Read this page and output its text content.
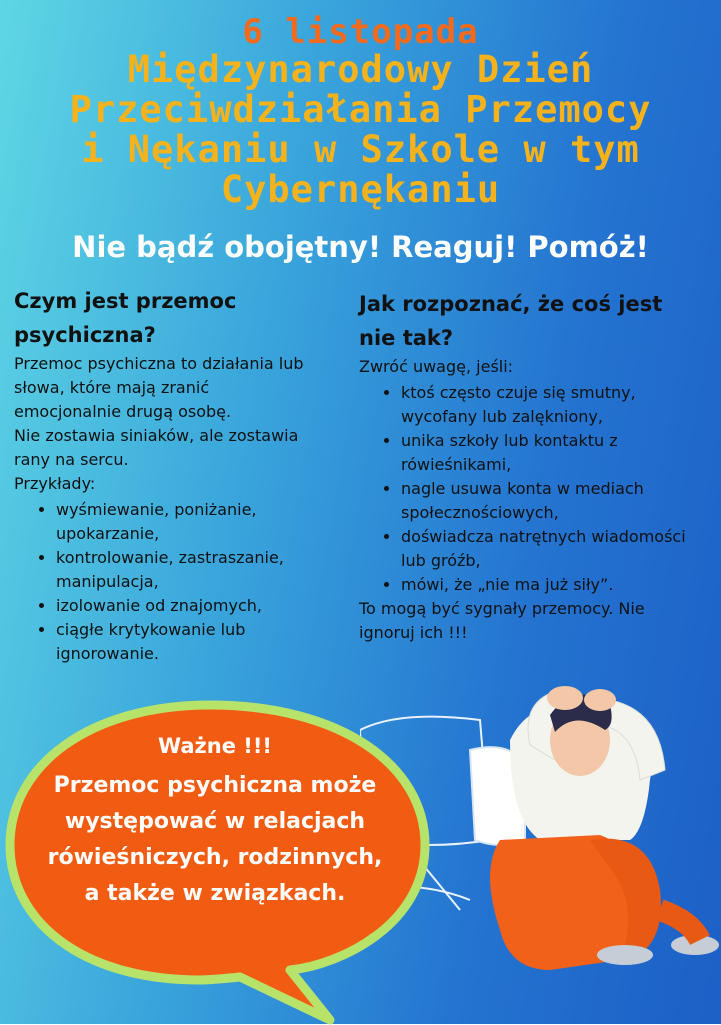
6 listopada
Międzynarodowy Dzień
Przeciwdziałania Przemocy
i Nękaniu w Szkole w tym
Cybernękaniu
Nie bądź obojętny! Reaguj! Pomóż!
Czym jest przemoc psychiczna?

Przemoc psychiczna to działania lub słowa, które mają zranić emocjonalnie drugą osobę.

Nie zostawia siniaków, ale zostawia rany na sercu.

Przykłady:

• wyśmiewanie, poniżanie, upokarzanie,
• kontrolowanie, zastraszanie, manipulacja,
• izolowanie od znajomych,
• ciągłe krytykowanie lub ignorowanie.
Jak rozpoznać, że coś jest nie tak?

Zwróć uwagę, jeśli:

• ktoś często czuje się smutny, wycofany lub zalękniony,
• unika szkoły lub kontaktu z rówieśnikami,
• nagle usuwa konta w mediach społecznościowych,
• doświadcza natrętnych wiadomości lub gróźb,
• mówi, że „nie ma już siły”.

To mogą być sygnały przemocy. Nie ignoruj ich !!!

Ważne !!!
Przemoc psychiczna może
występować w relacjach
rówieśniczych, rodzinnych,
a także w związkach.
